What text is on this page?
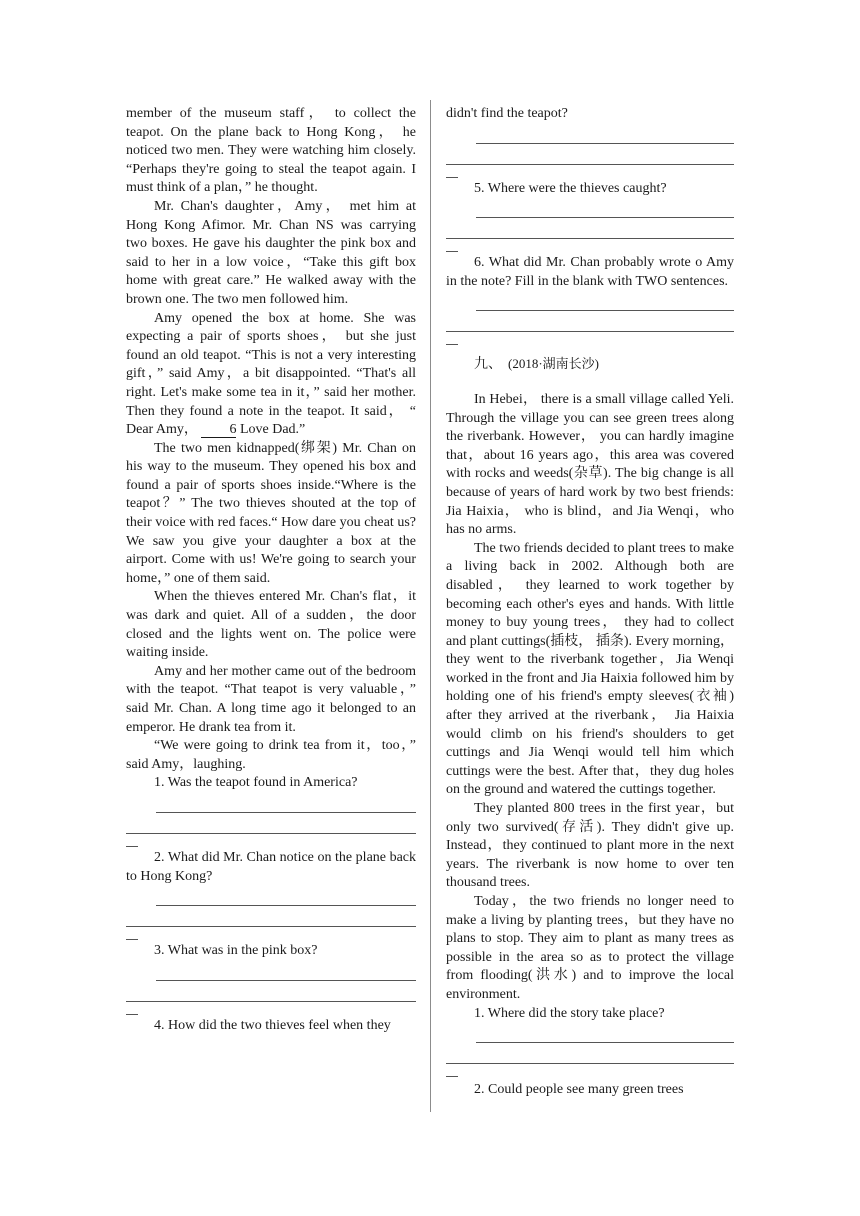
member of the museum staff， to collect the teapot. On the plane back to Hong Kong， he noticed two men. They were watching him closely. “Perhaps they're going to steal the teapot again. I must think of a plan，” he thought.

Mr. Chan's daughter，Amy， met him at Hong Kong Afimor. Mr. Chan NS was carrying two boxes. He gave his daughter the pink box and said to her in a low voice，“Take this gift box home with great care.” He walked away with the brown one. The two men followed him.

Amy opened the box at home. She was expecting a pair of sports shoes， but she just found an old teapot. “This is not a very interesting gift，” said Amy，a bit disappointed. “That's all right. Let's make some tea in it，” said her mother. Then they found a note in the teapot. It said， “ Dear Amy， 6 Love Dad.”

The two men kidnapped(绑架) Mr. Chan on his way to the museum. They opened his box and found a pair of sports shoes inside.“Where is the teapot？” The two thieves shouted at the top of their voice with red faces.“ How dare you cheat us? We saw you give your daughter a box at the airport. Come with us! We're going to search your home，” one of them said.

When the thieves entered Mr. Chan's flat，it was dark and quiet. All of a sudden，the door closed and the lights went on. The police were waiting inside.

Amy and her mother came out of the bedroom with the teapot. “That teapot is very valuable，” said Mr. Chan. A long time ago it belonged to an emperor. He drank tea from it.

“We were going to drink tea from it，too，” said Amy，laughing.

1. Was the teapot found in America?

2. What did Mr. Chan notice on the plane back to Hong Kong?

3. What was in the pink box?

4. How did the two thieves feel when they

didn't find the teapot?

5. Where were the thieves caught?

6. What did Mr. Chan probably wrote o Amy in the note? Fill in the blank with TWO sentences.

九、 (2018·湖南长沙)

In Hebei， there is a small village called Yeli. Through the village you can see green trees along the riverbank. However， you can hardly imagine that，about 16 years ago，this area was covered with rocks and weeds(杂草). The big change is all because of years of hard work by two best friends: Jia Haixia， who is blind，and Jia Wenqi，who has no arms.

The two friends decided to plant trees to make a living back in 2002. Although both are disabled， they learned to work together by becoming each other's eyes and hands. With little money to buy young trees， they had to collect and plant cuttings(插枝， 插条). Every morning，they went to the riverbank together，Jia Wenqi worked in the front and Jia Haixia followed him by holding one of his friend's empty sleeves(衣袖) after they arrived at the riverbank， Jia Haixia would climb on his friend's shoulders to get cuttings and Jia Wenqi would tell him which cuttings were the best. After that，they dug holes on the ground and watered the cuttings together.

They planted 800 trees in the first year，but only two survived(存活). They didn't give up. Instead，they continued to plant more in the next years. The riverbank is now home to over ten thousand trees.

Today，the two friends no longer need to make a living by planting trees，but they have no plans to stop. They aim to plant as many trees as possible in the area so as to protect the village from flooding(洪水) and to improve the local environment.

1. Where did the story take place?

2. Could people see many green trees
